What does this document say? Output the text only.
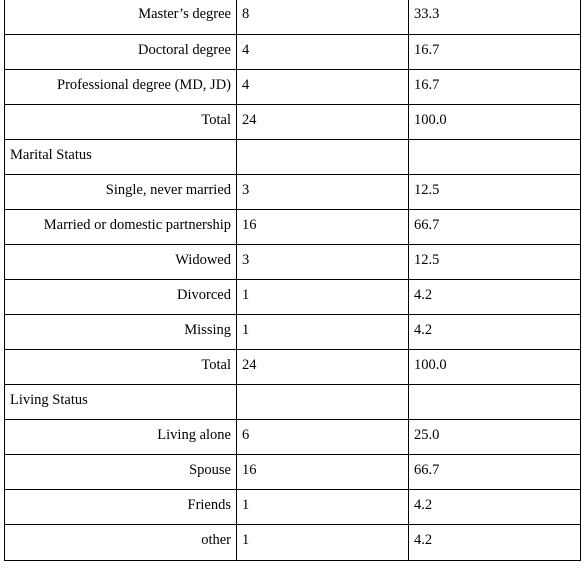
Master’s degree	8	33.3
Doctoral degree	4	16.7
Professional degree (MD, JD)	4	16.7
Total	24	100.0
Marital Status		
Single, never married	3	12.5
Married or domestic partnership	16	66.7
Widowed	3	12.5
Divorced	1	4.2
Missing	1	4.2
Total	24	100.0
Living Status		
Living alone	6	25.0
Spouse	16	66.7
Friends	1	4.2
other	1	4.2
